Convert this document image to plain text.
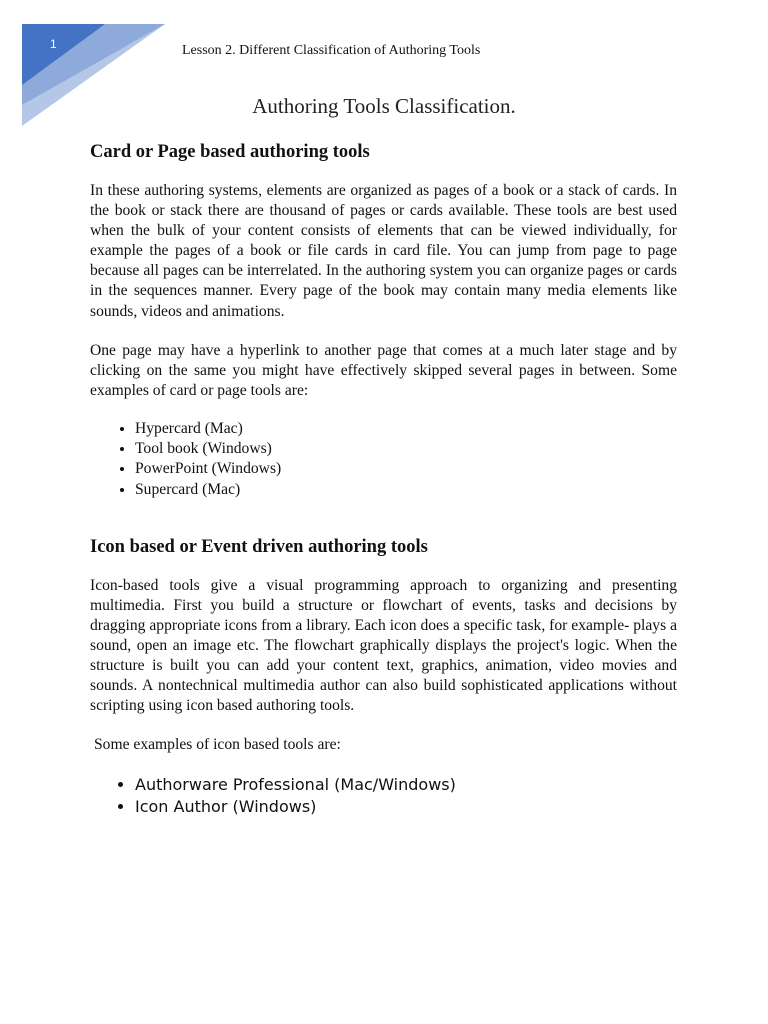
1	Lesson 2. Different Classification of Authoring Tools
Authoring Tools Classification.
Card or Page based authoring tools

In these authoring systems, elements are organized as pages of a book or a stack of cards. In the book or stack there are thousand of pages or cards available. These tools are best used when the bulk of your content consists of elements that can be viewed individually, for example the pages of a book or file cards in card file. You can jump from page to page because all pages can be interrelated. In the authoring system you can organize pages or cards in the sequences manner. Every page of the book may contain many media elements like sounds, videos and animations.

One page may have a hyperlink to another page that comes at a much later stage and by clicking on the same you might have effectively skipped several pages in between. Some examples of card or page tools are:

• Hypercard (Mac)
• Tool book (Windows)
• PowerPoint (Windows)
• Supercard (Mac)
Icon based or Event driven authoring tools

Icon-based tools give a visual programming approach to organizing and presenting multimedia. First you build a structure or flowchart of events, tasks and decisions by dragging appropriate icons from a library. Each icon does a specific task, for example- plays a sound, open an image etc. The flowchart graphically displays the project's logic. When the structure is built you can add your content text, graphics, animation, video movies and sounds. A nontechnical multimedia author can also build sophisticated applications without scripting using icon based authoring tools.

Some examples of icon based tools are:

• Authorware Professional (Mac/Windows)
• Icon Author (Windows)
